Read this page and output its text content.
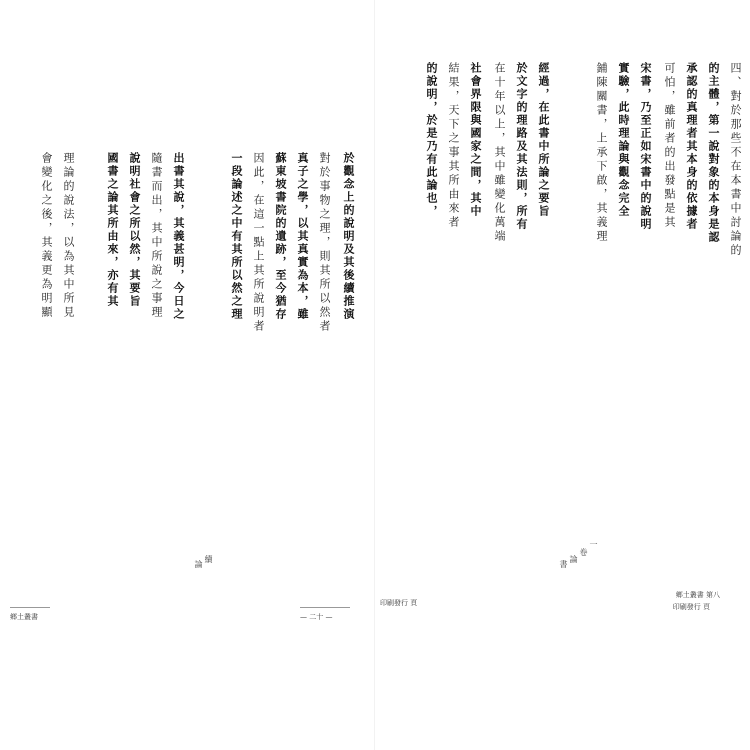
四、對於那些不在本書中討論的
的主體，第一說對象的本身是認
承認的真理者其本身的依據者
可怕，雖前者的出發點是其
宋書，乃至正如宋書中的說明
實驗，此時理論與觀念完全
鋪陳關書，上承下啟，其義理
經過，在此書中所論之要旨
於文字的理路及其法則，所有
在十年以上，其中雖變化萬端
社會界限與國家之間，其中
結果，天下之事其所由來者
的說明，於是乃有此論也，
一
卷
論
書
印刷發行 頁
鄉土叢書 第八
印刷發行 頁
於觀念上的說明及其後續推演
對於事物之理，則其所以然者
真子之學，以其真實為本，雖
蘇東坡書院的遺跡，至今猶存
因此，在這一點上其所說明者
一段論述之中有其所以然之理
出書其說，其義甚明，今日之
隨書而出，其中所說之事理
說明社會之所以然，其要旨
國書之論其所由來，亦有其
理論的說法，以為其中所見
會變化之後，其義更為明顯
續
論
— 二十 —
鄉土叢書
